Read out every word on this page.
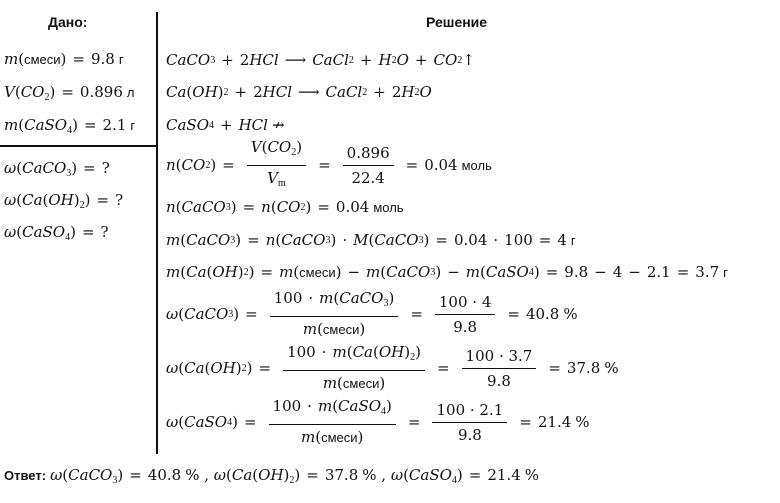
Дано:	Решение
m(смеси) = 9.8 г
$V(CO_2) = 0.896$ л
m(CaSO$_4$) = 2.1 г
ω(CaCO$_3$) = ?
$\omega(Ca(OH)_2)$ = ?
ω(CaSO$_4$) = ?
CaCO 3 + 2 HCl ⟶ CaCl 2 + H 2 O + CO 2 ↑
Ca ( OH ) 2 + 2 HCl ⟶ CaCl 2 + 2 H 2 O
CaSO 4 + HCl ↛
n ( CO 2 ) = $\frac{V(CO_2)}{V_m} = \frac{0.896}{22.4} = 0.04$
моль
n ( CaCO 3 ) = n ( CO 2 ) = 0.04
моль
m ( CaCO 3 ) = n ( CaCO 3 ) · M ( CaCO 3 ) = 0.04 · 100 = 4
г
m ( Ca ( OH ) 2 ) = m ( смеси ) − m ( CaCO 3 ) − m ( CaSO 4 ) = 9.8 − 4 − 2.1 = 3.7
г
ω ( CaCO 3 ) = $\frac{100 \cdot m(CaCO_3)}{\text{m(смеси)}} = \frac{100 \cdot 4}{9.8} = 40.8$
%
ω ( Ca ( OH ) 2 ) = $\frac{100 \cdot m(Ca(OH)_2)}{\text{m(смеси)}} = \frac{100 \cdot 3.7}{9.8} = 37.8$
%
ω ( CaSO 4 ) = $\frac{100 \cdot m(CaSO_4)}{\text{m(смеси)}} = \frac{100 \cdot 2.1}{9.8} = 21.4$
%
Ответ: ω(CaCO$_3$) = 40.8 % , $\omega(Ca(OH)_2) = 37.8$ % , ω(CaSO$_4$) = 21.4 %
